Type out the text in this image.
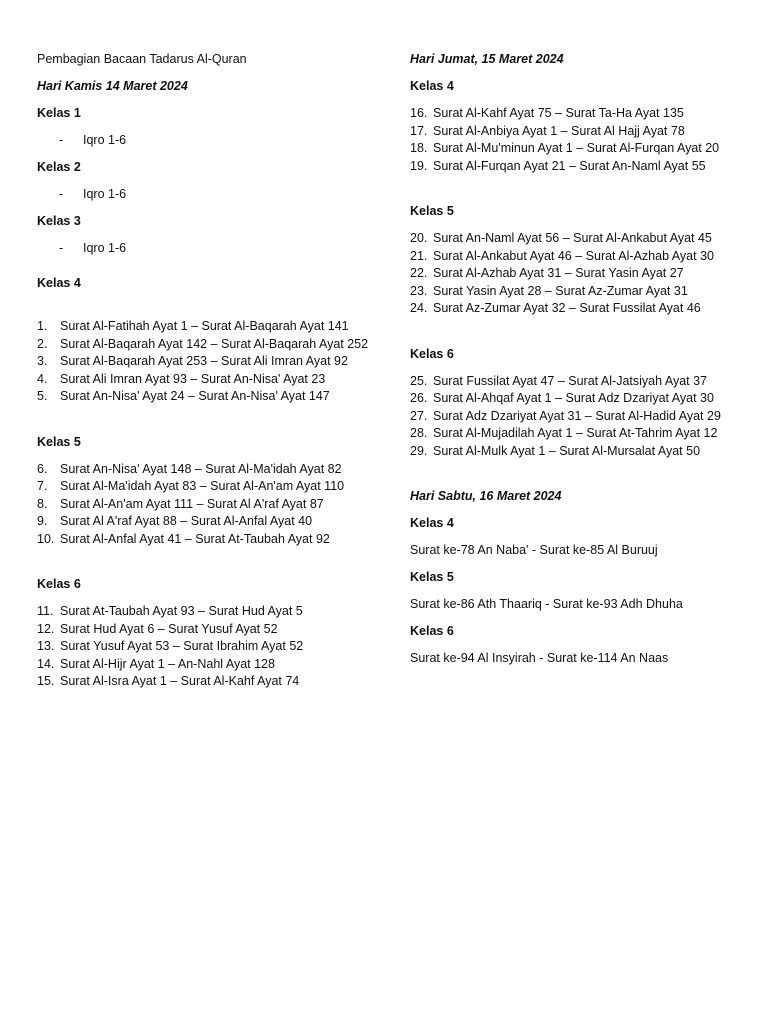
Pembagian Bacaan Tadarus Al-Quran

Hari Kamis 14 Maret 2024

Kelas 1

- Iqro 1-6

Kelas 2

- Iqro 1-6

Kelas 3

- Iqro 1-6

Kelas 4

1. Surat Al-Fatihah Ayat 1 – Surat Al-Baqarah Ayat 141
2. Surat Al-Baqarah Ayat 142 – Surat Al-Baqarah Ayat 252
3. Surat Al-Baqarah Ayat 253 – Surat Ali Imran Ayat 92
4. Surat Ali Imran Ayat 93 – Surat An-Nisa' Ayat 23
5. Surat An-Nisa' Ayat 24 – Surat An-Nisa' Ayat 147

Kelas 5

6. Surat An-Nisa' Ayat 148 – Surat Al-Ma'idah Ayat 82
7. Surat Al-Ma'idah Ayat 83 – Surat Al-An'am Ayat 110
8. Surat Al-An'am Ayat 111 – Surat Al A'raf Ayat 87
9. Surat Al A'raf Ayat 88 – Surat Al-Anfal Ayat 40
10. Surat Al-Anfal Ayat 41 – Surat At-Taubah Ayat 92

Kelas 6

11. Surat At-Taubah Ayat 93 – Surat Hud Ayat 5
12. Surat Hud Ayat 6 – Surat Yusuf Ayat 52
13. Surat Yusuf Ayat 53 – Surat Ibrahim Ayat 52
14. Surat Al-Hijr Ayat 1 – An-Nahl Ayat 128
15. Surat Al-Isra Ayat 1 – Surat Al-Kahf Ayat 74

Hari Jumat, 15 Maret 2024

Kelas 4

16. Surat Al-Kahf Ayat 75 – Surat Ta-Ha Ayat 135
17. Surat Al-Anbiya Ayat 1 – Surat Al Hajj Ayat 78
18. Surat Al-Mu'minun Ayat 1 – Surat Al-Furqan Ayat 20
19. Surat Al-Furqan Ayat 21 – Surat An-Naml Ayat 55

Kelas 5

20. Surat An-Naml Ayat 56 – Surat Al-Ankabut Ayat 45
21. Surat Al-Ankabut Ayat 46 – Surat Al-Azhab Ayat 30
22. Surat Al-Azhab Ayat 31 – Surat Yasin Ayat 27
23. Surat Yasin Ayat 28 – Surat Az-Zumar Ayat 31
24. Surat Az-Zumar Ayat 32 – Surat Fussilat Ayat 46

Kelas 6

25. Surat Fussilat Ayat 47 – Surat Al-Jatsiyah Ayat 37
26. Surat Al-Ahqaf Ayat 1 – Surat Adz Dzariyat Ayat 30
27. Surat Adz Dzariyat Ayat 31 – Surat Al-Hadid Ayat 29
28. Surat Al-Mujadilah Ayat 1 – Surat At-Tahrim Ayat 12
29. Surat Al-Mulk Ayat 1 – Surat Al-Mursalat Ayat 50

Hari Sabtu, 16 Maret 2024

Kelas 4

Surat ke-78 An Naba' - Surat ke-85 Al Buruuj

Kelas 5

Surat ke-86 Ath Thaariq - Surat ke-93 Adh Dhuha

Kelas 6

Surat ke-94 Al Insyirah - Surat ke-114 An Naas
